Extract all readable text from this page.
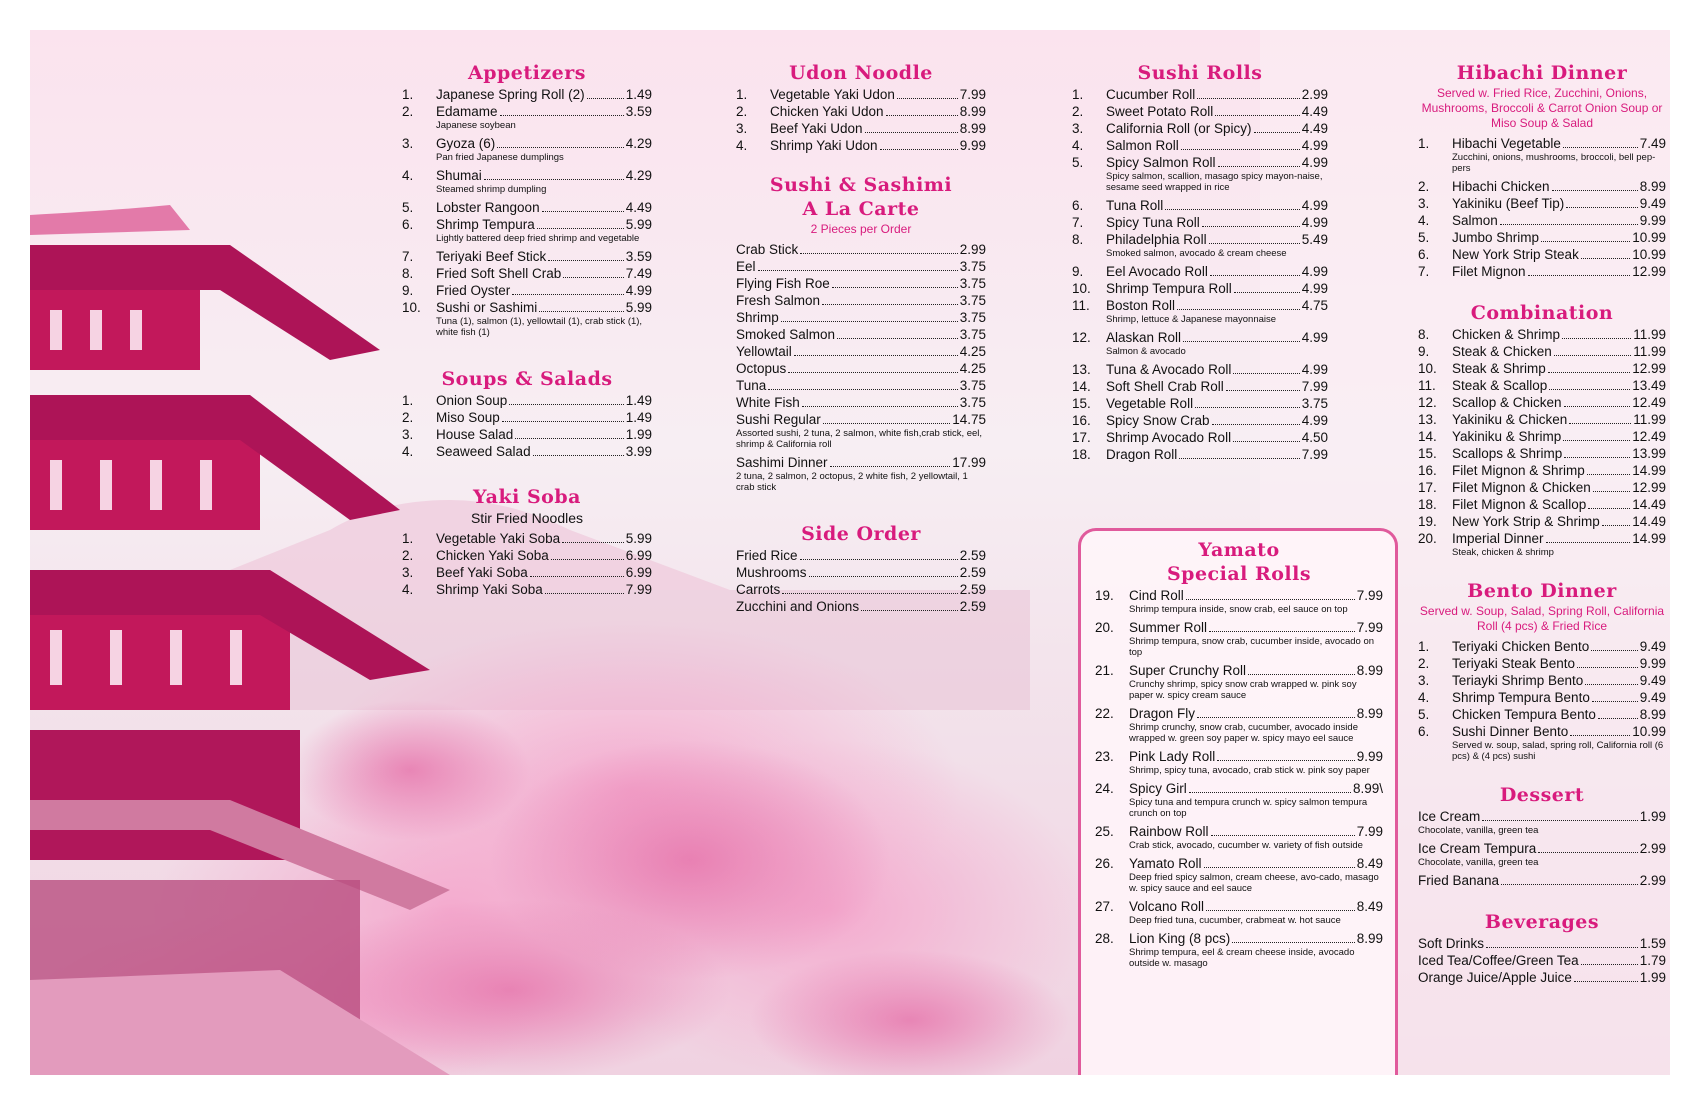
Appetizers
1.	Japanese Spring Roll (2)	1.49
2.	Edamame	3.59
Japanese soybean
3.	Gyoza (6)	4.29
Pan fried Japanese dumplings
4.	Shumai	4.29
Steamed shrimp dumpling
5.	Lobster Rangoon	4.49
6.	Shrimp Tempura	5.99
Lightly battered deep fried shrimp and vegetable
7.	Teriyaki Beef Stick	3.59
8.	Fried Soft Shell Crab	7.49
9.	Fried Oyster	4.99
10.	Sushi or Sashimi	5.99
Tuna (1), salmon (1), yellowtail (1), crab stick (1), white fish (1)
Soups & Salads
1.	Onion Soup	1.49
2.	Miso Soup	1.49
3.	House Salad	1.99
4.	Seaweed Salad	3.99
Yaki Soba
Stir Fried Noodles
1.	Vegetable Yaki Soba	5.99
2.	Chicken Yaki Soba	6.99
3.	Beef Yaki Soba	6.99
4.	Shrimp Yaki Soba	7.99
Udon Noodle
1.	Vegetable Yaki Udon	7.99
2.	Chicken Yaki Udon	8.99
3.	Beef Yaki Udon	8.99
4.	Shrimp Yaki Udon	9.99
Sushi & Sashimi
A La Carte
2 Pieces per Order
Crab Stick	2.99
Eel	3.75
Flying Fish Roe	3.75
Fresh Salmon	3.75
Shrimp	3.75
Smoked Salmon	3.75
Yellowtail	4.25
Octopus	4.25
Tuna	3.75
White Fish	3.75
Sushi Regular	14.75
Assorted sushi, 2 tuna, 2 salmon, white fish,crab stick, eel, shrimp & California roll
Sashimi Dinner	17.99
2 tuna, 2 salmon, 2 octopus, 2 white fish, 2 yellowtail, 1 crab stick
Side Order
Fried Rice	2.59
Mushrooms	2.59
Carrots	2.59
Zucchini and Onions	2.59
Sushi Rolls
1.	Cucumber Roll	2.99
2.	Sweet Potato Roll	4.49
3.	California Roll (or Spicy)	4.49
4.	Salmon Roll	4.99
5.	Spicy Salmon Roll	4.99
Spicy salmon, scallion, masago spicy mayon-naise, sesame seed wrapped in rice
6.	Tuna Roll	4.99
7.	Spicy Tuna Roll	4.99
8.	Philadelphia Roll	5.49
Smoked salmon, avocado & cream cheese
9.	Eel Avocado Roll	4.99
10.	Shrimp Tempura Roll	4.99
11.	Boston Roll	4.75
Shrimp, lettuce & Japanese mayonnaise
12.	Alaskan Roll	4.99
Salmon & avocado
13.	Tuna & Avocado Roll	4.99
14.	Soft Shell Crab Roll	7.99
15.	Vegetable Roll	3.75
16.	Spicy Snow Crab	4.99
17.	Shrimp Avocado Roll	4.50
18.	Dragon Roll	7.99
Hibachi Dinner
Served w. Fried Rice, Zucchini, Onions, Mushrooms, Broccoli & Carrot Onion Soup or Miso Soup & Salad
1.	Hibachi Vegetable	7.49
Zucchini, onions, mushrooms, broccoli, bell pep-pers
2.	Hibachi Chicken	8.99
3.	Yakiniku (Beef Tip)	9.49
4.	Salmon	9.99
5.	Jumbo Shrimp	10.99
6.	New York Strip Steak	10.99
7.	Filet Mignon	12.99
Combination
8.	Chicken & Shrimp	11.99
9.	Steak & Chicken	11.99
10.	Steak & Shrimp	12.99
11.	Steak & Scallop	13.49
12.	Scallop & Chicken	12.49
13.	Yakiniku & Chicken	11.99
14.	Yakiniku & Shrimp	12.49
15.	Scallops & Shrimp	13.99
16.	Filet Mignon & Shrimp	14.99
17.	Filet Mignon & Chicken	12.99
18.	Filet Mignon & Scallop	14.49
19.	New York Strip & Shrimp 14.49
20.	Imperial Dinner	14.99
Steak, chicken & shrimp
Bento Dinner
Served w. Soup, Salad, Spring Roll, California Roll (4 pcs) & Fried Rice
1.	Teriyaki Chicken Bento	9.49
2.	Teriyaki Steak Bento	9.99
3.	Teriayki Shrimp Bento	9.49
4.	Shrimp Tempura Bento	9.49
5.	Chicken Tempura Bento	8.99
6.	Sushi Dinner Bento	10.99
Served w. soup, salad, spring roll, California roll (6 pcs) & (4 pcs) sushi
Dessert
Ice Cream	1.99
Chocolate, vanilla, green tea
Ice Cream Tempura	2.99
Chocolate, vanilla, green tea
Fried Banana	2.99
Beverages
Soft Drinks	1.59
Iced Tea/Coffee/Green Tea	1.79
Orange Juice/Apple Juice	1.99
Yamato
Special Rolls
19.	Cind Roll	7.99
Shrimp tempura inside, snow crab, eel sauce on top
20.	Summer Roll	7.99
Shrimp tempura, snow crab, cucumber inside, avocado on top
21.	Super Crunchy Roll	8.99
Crunchy shrimp, spicy snow crab wrapped w. pink soy paper w. spicy cream sauce
22.	Dragon Fly	8.99
Shrimp crunchy, snow crab, cucumber, avocado inside wrapped w. green soy paper w. spicy mayo eel sauce
23.	Pink Lady Roll	9.99
Shrimp, spicy tuna, avocado, crab stick w. pink soy paper
24.	Spicy Girl	8.99\
Spicy tuna and tempura crunch w. spicy salmon tempura crunch on top
25.	Rainbow Roll	7.99
Crab stick, avocado, cucumber w. variety of fish outside
26.	Yamato Roll	8.49
Deep fried spicy salmon, cream cheese, avo-cado, masago w. spicy sauce and eel sauce
27.	Volcano Roll	8.49
Deep fried tuna, cucumber, crabmeat w. hot sauce
28.	Lion King (8 pcs)	8.99
Shrimp tempura, eel & cream cheese inside, avocado outside w. masago
